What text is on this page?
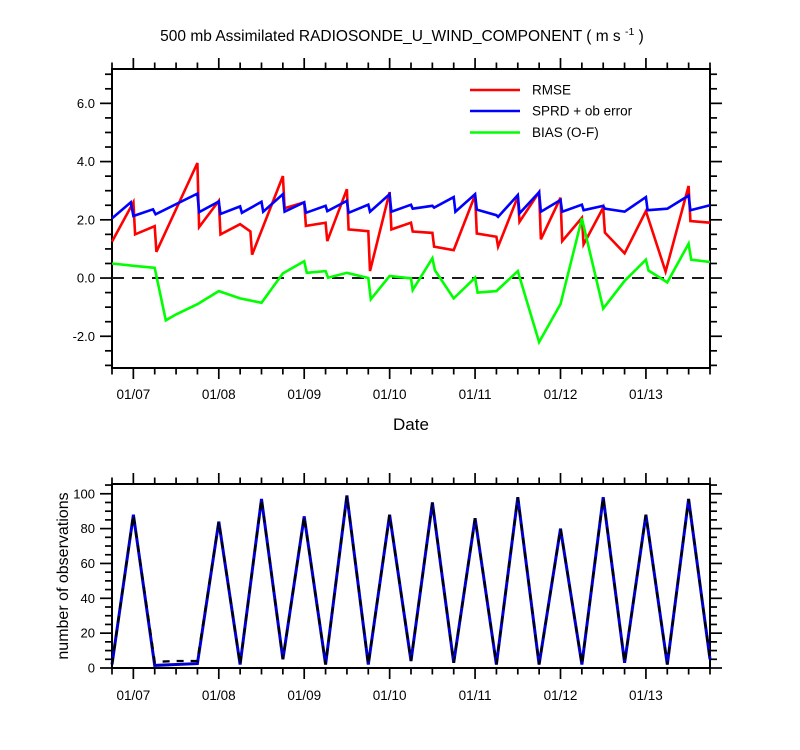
500 mb Assimilated RADIOSONDE_U_WIND_COMPONENT ( m s $^{-1}$ )
01/07	01/08	01/09	01/10	01/11	01/12	01/13
-2.0
0.0
2.0
4.0
6.0
RMSE
SPRD + ob error
BIAS (O-F)
Date
01/07	01/08	01/09	01/10	01/11	01/12	01/13
0
20
40
60
80
100
number of observations
